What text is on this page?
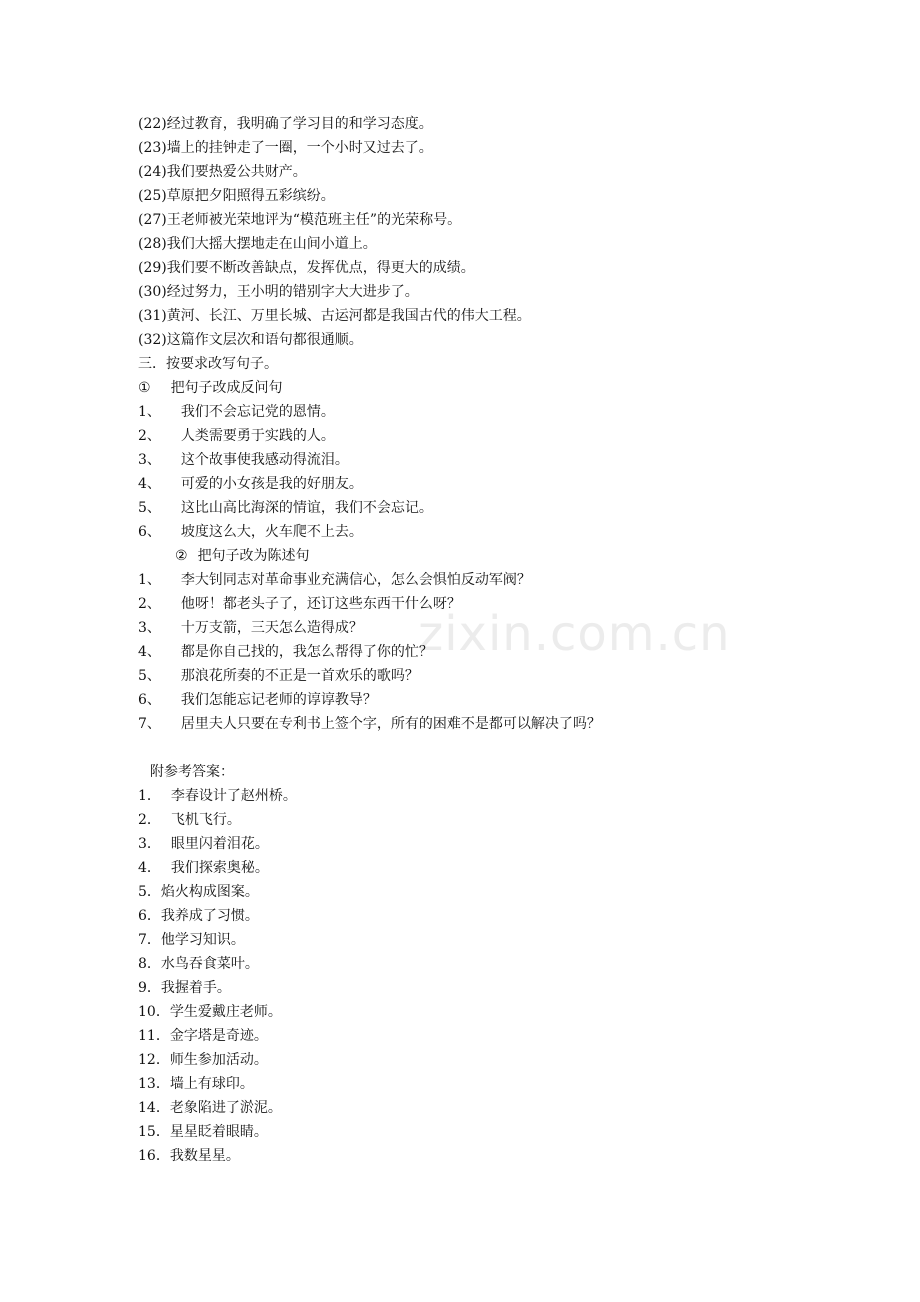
zixin.com.cn
(22)经过教育，我明确了学习目的和学习态度。
(23)墙上的挂钟走了一圈，一个小时又过去了。
(24)我们要热爱公共财产。
(25)草原把夕阳照得五彩缤纷。
(27)王老师被光荣地评为“模范班主任”的光荣称号。
(28)我们大摇大摆地走在山间小道上。
(29)我们要不断改善缺点，发挥优点，得更大的成绩。
(30)经过努力，王小明的错别字大大进步了。
(31)黄河、长江、万里长城、古运河都是我国古代的伟大工程。
(32)这篇作文层次和语句都很通顺。
三．按要求改写句子。
① 把句子改成反问句
1、 我们不会忘记党的恩情。
2、 人类需要勇于实践的人。
3、 这个故事使我感动得流泪。
4、 可爱的小女孩是我的好朋友。
5、 这比山高比海深的情谊，我们不会忘记。
6、 坡度这么大，火车爬不上去。
② 把句子改为陈述句
1、 李大钊同志对革命事业充满信心，怎么会惧怕反动军阀？
2、 他呀！都老头子了，还订这些东西干什么呀？
3、 十万支箭，三天怎么造得成？
4、 都是你自己找的，我怎么帮得了你的忙？
5、 那浪花所奏的不正是一首欢乐的歌吗？
6、 我们怎能忘记老师的谆谆教导？
7、 居里夫人只要在专利书上签个字，所有的困难不是都可以解决了吗？
附参考答案：
1． 李春设计了赵州桥。
2． 飞机飞行。
3． 眼里闪着泪花。
4． 我们探索奥秘。
5．焰火构成图案。
6．我养成了习惯。
7．他学习知识。
8．水鸟吞食菜叶。
9．我握着手。
10．学生爱戴庄老师。
11．金字塔是奇迹。
12．师生参加活动。
13．墙上有球印。
14．老象陷进了淤泥。
15．星星眨着眼睛。
16．我数星星。
